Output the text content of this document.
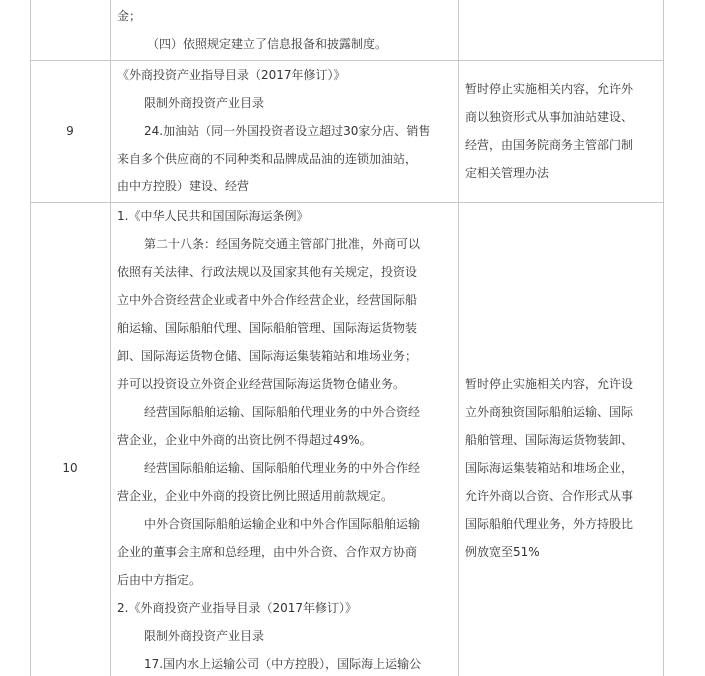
金；
（四）依照规定建立了信息报备和披露制度。
9
《外商投资产业指导目录（2017年修订）》
限制外商投资产业目录
24.加油站（同一外国投资者设立超过30家分店、销售
来自多个供应商的不同种类和品牌成品油的连锁加油站，
由中方控股）建设、经营
暂时停止实施相关内容，允许外
商以独资形式从事加油站建设、
经营，由国务院商务主管部门制
定相关管理办法
10
1.《中华人民共和国国际海运条例》
第二十八条：经国务院交通主管部门批准，外商可以
依照有关法律、行政法规以及国家其他有关规定，投资设
立中外合资经营企业或者中外合作经营企业，经营国际船
舶运输、国际船舶代理、国际船舶管理、国际海运货物装
卸、国际海运货物仓储、国际海运集装箱站和堆场业务；
并可以投资设立外资企业经营国际海运货物仓储业务。
经营国际船舶运输、国际船舶代理业务的中外合资经
营企业，企业中外商的出资比例不得超过49%。
经营国际船舶运输、国际船舶代理业务的中外合作经
营企业，企业中外商的投资比例比照适用前款规定。
中外合资国际船舶运输企业和中外合作国际船舶运输
企业的董事会主席和总经理，由中外合资、合作双方协商
后由中方指定。
2.《外商投资产业指导目录（2017年修订）》
限制外商投资产业目录
17.国内水上运输公司（中方控股），国际海上运输公
暂时停止实施相关内容，允许设
立外商独资国际船舶运输、国际
船舶管理、国际海运货物装卸、
国际海运集装箱站和堆场企业，
允许外商以合资、合作形式从事
国际船舶代理业务，外方持股比
例放宽至51%
